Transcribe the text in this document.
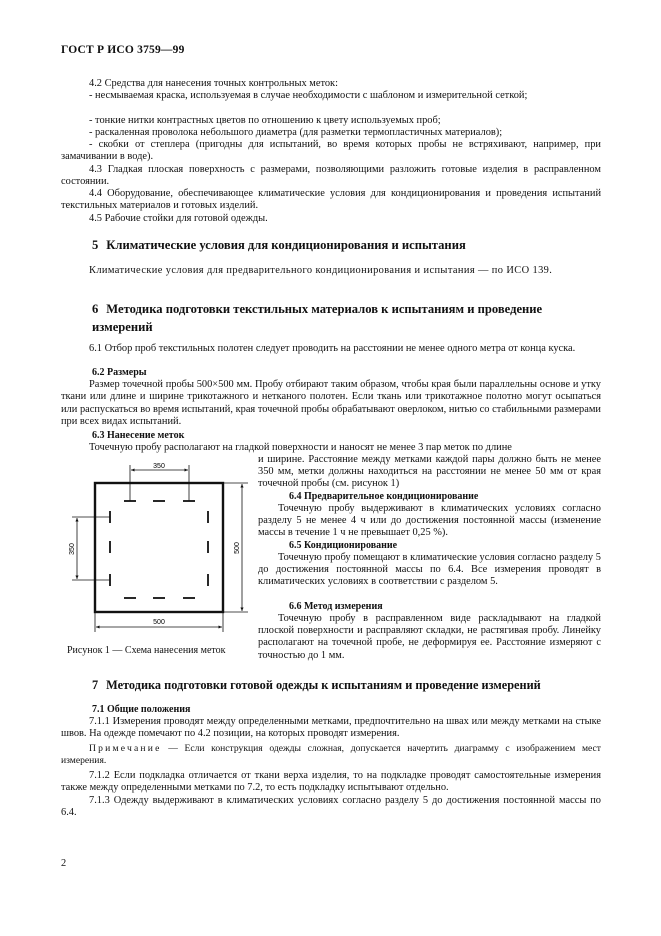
ГОСТ Р ИСО 3759—99

4.2 Средства для нанесения точных контрольных меток:

- несмываемая краска, используемая в случае необходимости с шаблоном и измерительной сеткой;

- тонкие нитки контрастных цветов по отношению к цвету используемых проб;

- раскаленная проволока небольшого диаметра (для разметки термопластичных материалов);

- скобки от степлера (пригодны для испытаний, во время которых пробы не встряхивают, например, при замачивании в воде).

4.3 Гладкая плоская поверхность с размерами, позволяющими разложить готовые изделия в расправленном состоянии.

4.4 Оборудование, обеспечивающее климатические условия для кондиционирования и проведения испытаний текстильных материалов и готовых изделий.

4.5 Рабочие стойки для готовой одежды.

5 Климатические условия для кондиционирования и испытания

Климатические условия для предварительного кондиционирования и испытания — по ИСО 139.

6 Методика подготовки текстильных материалов к испытаниям и проведение измерений

6.1 Отбор проб текстильных полотен следует проводить на расстоянии не менее одного метра от конца куска.

6.2 Размеры

Размер точечной пробы 500×500 мм. Пробу отбирают таким образом, чтобы края были параллельны основе и утку ткани или длине и ширине трикотажного и нетканого полотен. Если ткань или трикотажное полотно могут осыпаться или распускаться во время испытаний, края точечной пробы обрабатывают оверлоком, нитью со стабильными размерами при всех видах испытаний.

6.3 Нанесение меток

Точечную пробу располагают на гладкой поверхности и наносят не менее 3 пар меток по длине

и ширине. Расстояние между метками каждой пары должно быть не менее 350 мм, метки должны находиться на расстоянии не менее 50 мм от края точечной пробы (см. рисунок 1)
6.4 Предварительное кондиционирование
Точечную пробу выдерживают в климатических условиях согласно разделу 5 не менее 4 ч или до достижения постоянной массы (изменение массы в течение 1 ч не превышает 0,25 %).
6.5 Кондиционирование
Точечную пробу помещают в климатические условия согласно разделу 5 до достижения постоянной массы по 6.4. Все измерения проводят в климатических условиях в соответствии с разделом 5.
6.6 Метод измерения
Точечную пробу в расправленном виде раскладывают на гладкой плоской поверхности и расправляют складки, не растягивая пробу. Линейку располагают на точечной пробе, не деформируя ее. Расстояние измеряют с точностью до 1 мм.
350
350	500
500
Рисунок 1 — Схема нанесения меток
7 Методика подготовки готовой одежды к испытаниям и проведение измерений
7.1 Общие положения

7.1.1 Измерения проводят между определенными метками, предпочтительно на швах или между метками на стыке швов. На одежде помечают по 4.2 позиции, на которых проводят измерения.

Примечание — Если конструкция одежды сложная, допускается начертить диаграмму с изображением мест измерения.

7.1.2 Если подкладка отличается от ткани верха изделия, то на подкладке проводят самостоятельные измерения также между определенными метками по 7.2, то есть подкладку испытывают отдельно.

7.1.3 Одежду выдерживают в климатических условиях согласно разделу 5 до достижения постоянной массы по 6.4.

2
